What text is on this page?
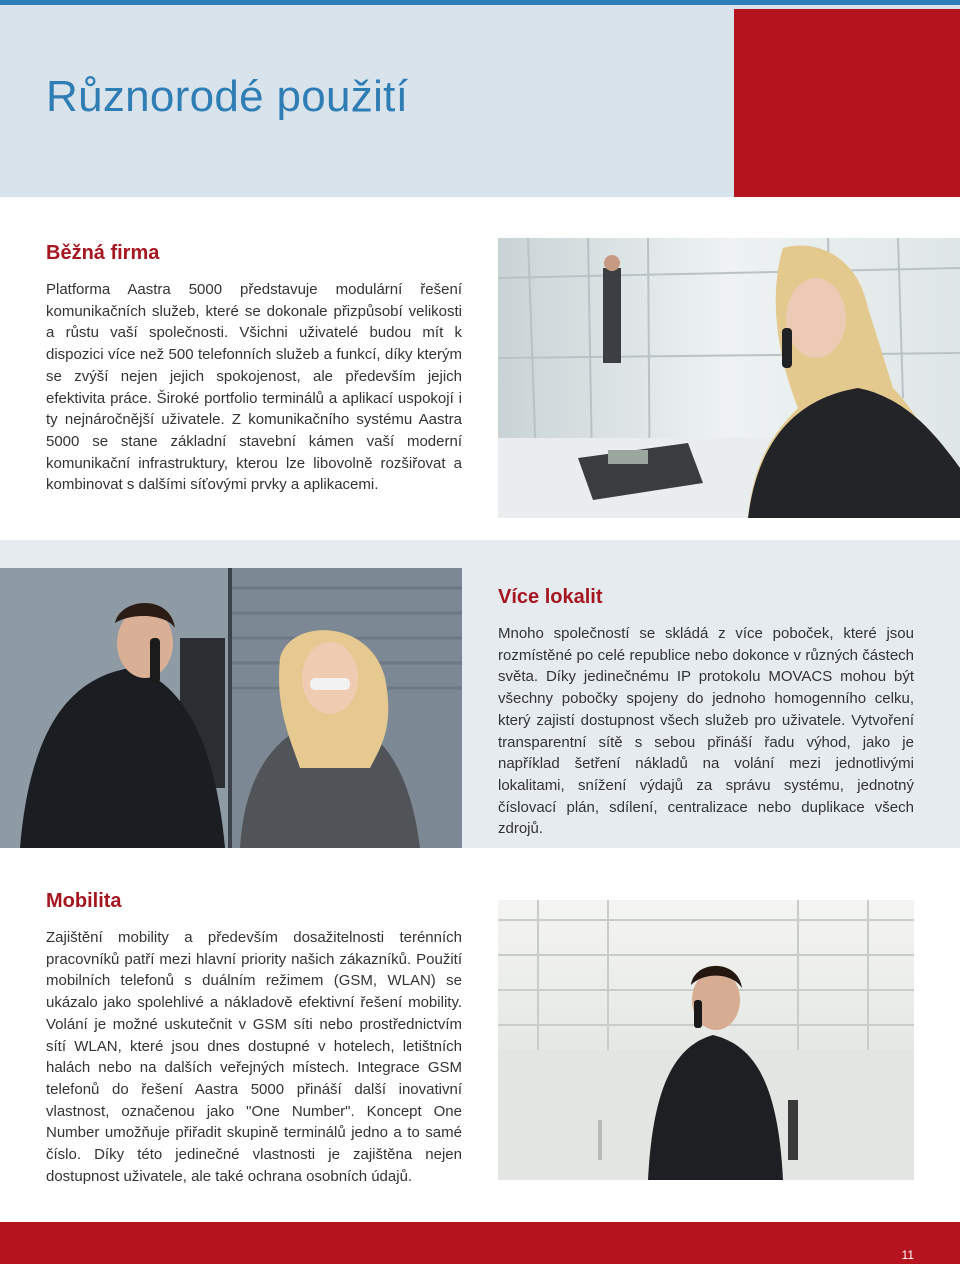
Různorodé použití
Běžná firma

Platforma Aastra 5000 představuje modulární řešení komunikačních služeb, které se dokonale přizpůsobí velikosti a růstu vaší společnosti. Všichni uživatelé budou mít k dispozici více než 500 telefonních služeb a funkcí, díky kterým se zvýší nejen jejich spokojenost, ale především jejich efektivita práce. Široké portfolio terminálů a aplikací uspokojí i ty nejnáročnější uživatele. Z komunikačního systému Aastra 5000 se stane základní stavební kámen vaší moderní komunikační infrastruktury, kterou lze libovolně rozšiřovat a kombinovat s dalšími síťovými prvky a aplikacemi.

Více lokalit

Mnoho společností se skládá z více poboček, které jsou rozmístěné po celé republice nebo dokonce v různých částech světa. Díky jedinečnému IP protokolu MOVACS mohou být všechny pobočky spojeny do jednoho homogenního celku, který zajistí dostupnost všech služeb pro uživatele. Vytvoření transparentní sítě s sebou přináší řadu výhod, jako je například šetření nákladů na volání mezi jednotlivými lokalitami, snížení výdajů za správu systému, jednotný číslovací plán, sdílení, centralizace nebo duplikace všech zdrojů.

Mobilita

Zajištění mobility a především dosažitelnosti terénních pracovníků patří mezi hlavní priority našich zákazníků. Použití mobilních telefonů s duálním režimem (GSM, WLAN) se ukázalo jako spolehlivé a nákladově efektivní řešení mobility. Volání je možné uskutečnit v GSM síti nebo prostřednictvím sítí WLAN, které jsou dnes dostupné v hotelech, letištních halách nebo na dalších veřejných místech. Integrace GSM telefonů do řešení Aastra 5000 přináší další inovativní vlastnost, označenou jako "One Number". Koncept One Number umožňuje přiřadit skupině terminálů jedno a to samé číslo. Díky této jedinečné vlastnosti je zajištěna nejen dostupnost uživatele, ale také ochrana osobních údajů.

11
